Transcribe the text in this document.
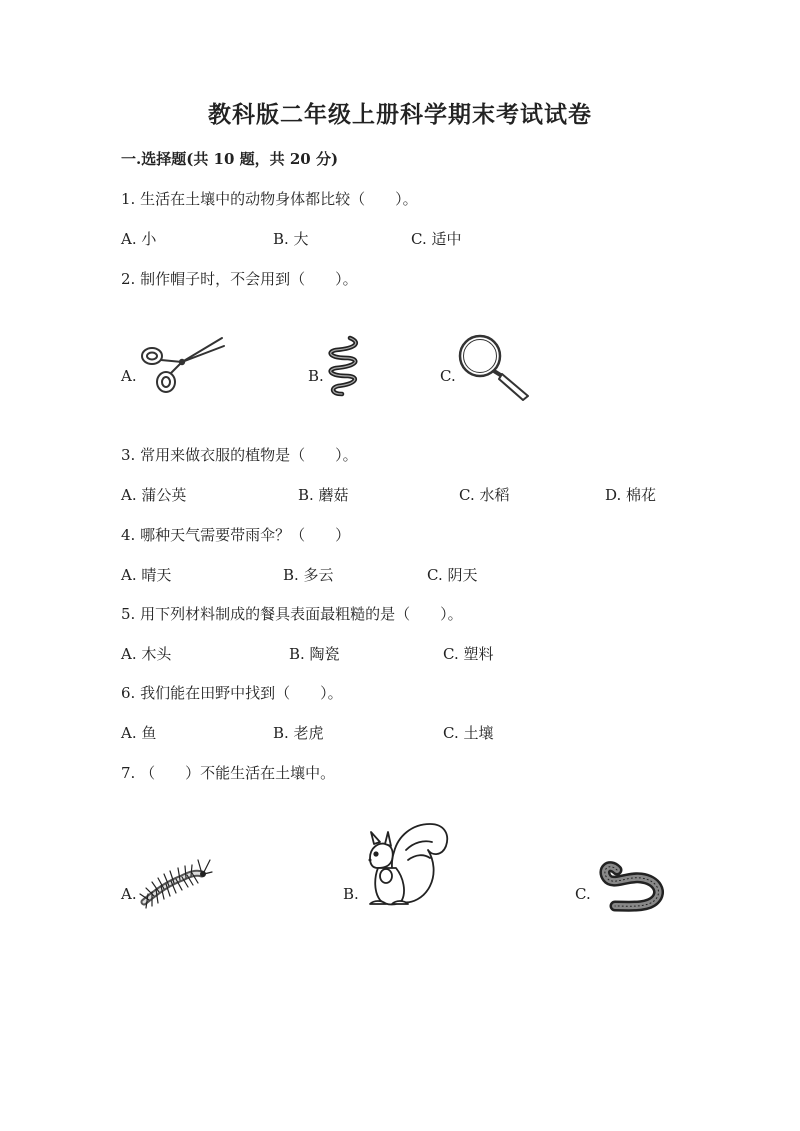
教科版二年级上册科学期末考试试卷
一.选择题(共 10 题，共 20 分)
1. 生活在土壤中的动物身体都比较（　　）。
A. 小	B. 大	C. 适中
2. 制作帽子时，不会用到（　　）。
A.	B.	C.
3. 常用来做衣服的植物是（　　）。
A. 蒲公英	B. 蘑菇	C. 水稻	D. 棉花
4. 哪种天气需要带雨伞？（　　）
A. 晴天	B. 多云	C. 阴天
5. 用下列材料制成的餐具表面最粗糙的是（　　）。
A. 木头	B. 陶瓷	C. 塑料
6. 我们能在田野中找到（　　）。
A. 鱼	B. 老虎	C. 土壤
7. （　　）不能生活在土壤中。
A.	B.	C.
